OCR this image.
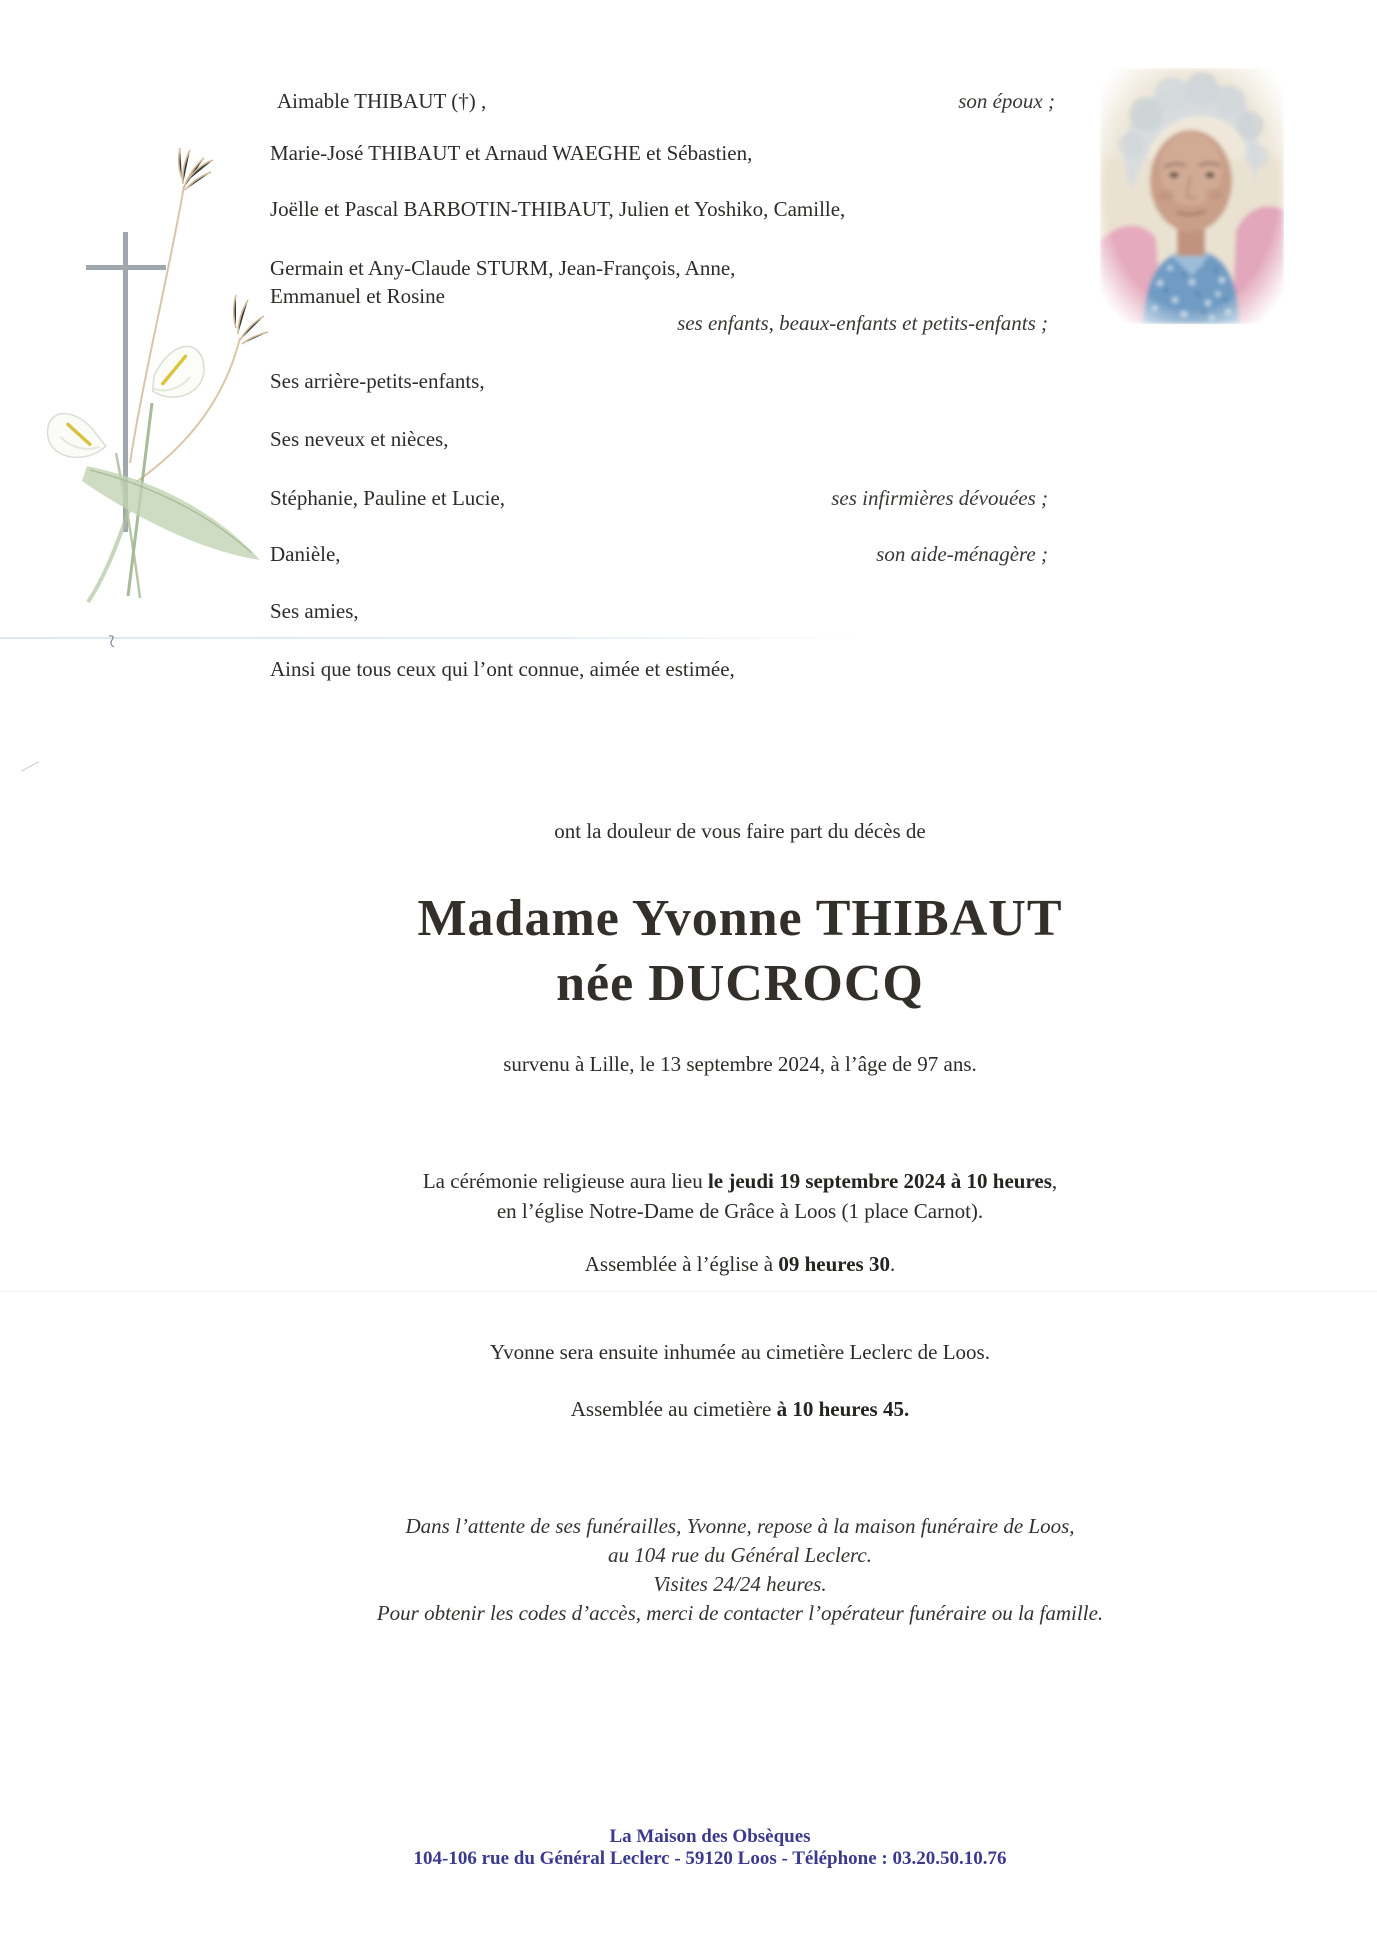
Aimable THIBAUT (†) ,	son époux ;
Marie-José THIBAUT et Arnaud WAEGHE et Sébastien,
Joëlle et Pascal BARBOTIN-THIBAUT, Julien et Yoshiko, Camille,
Germain et Any-Claude STURM, Jean-François, Anne,
Emmanuel et Rosine
ses enfants, beaux-enfants et petits-enfants ;
Ses arrière-petits-enfants,
Ses neveux et nièces,
Stéphanie, Pauline et Lucie,	ses infirmières dévouées ;
Danièle,	son aide-ménagère ;
Ses amies,
Ainsi que tous ceux qui l’ont connue, aimée et estimée,
ont la douleur de vous faire part du décès de
Madame Yvonne THIBAUT
née DUCROCQ
survenu à Lille, le 13 septembre 2024, à l’âge de 97 ans.
La cérémonie religieuse aura lieu le jeudi 19 septembre 2024 à 10 heures,
en l’église Notre-Dame de Grâce à Loos (1 place Carnot).
Assemblée à l’église à 09 heures 30.
Yvonne sera ensuite inhumée au cimetière Leclerc de Loos.
Assemblée au cimetière à 10 heures 45.
Dans l’attente de ses funérailles, Yvonne, repose à la maison funéraire de Loos,
au 104 rue du Général Leclerc.
Visites 24/24 heures.
Pour obtenir les codes d’accès, merci de contacter l’opérateur funéraire ou la famille.
La Maison des Obsèques
104-106 rue du Général Leclerc - 59120 Loos - Téléphone : 03.20.50.10.76
